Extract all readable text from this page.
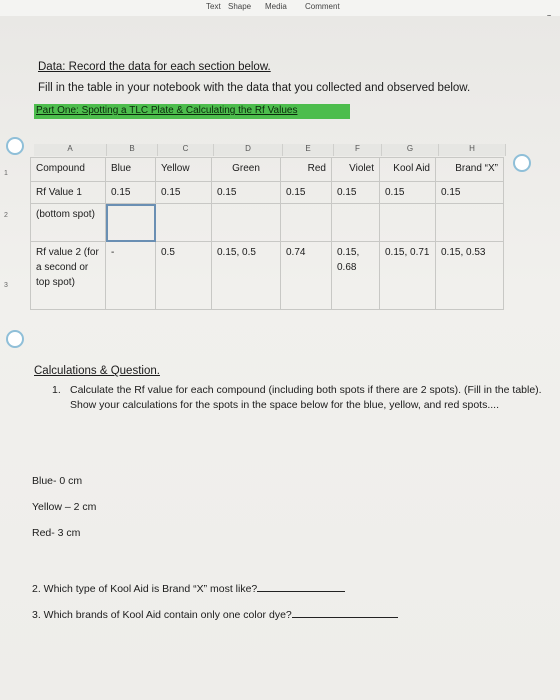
Text Shape Media Comment
Data: Record the data for each section below.
Fill in the table in your notebook with the data that you collected and observed below.
Part One: Spotting a TLC Plate & Calculating the Rf Values
A	B	C	D	E	F	G	H
1
2
3
Compound	Blue	Yellow	Green	Red	Violet	Kool Aid	Brand “X”
Rf Value 1	0.15	0.15	0.15	0.15	0.15	0.15	0.15
(bottom spot)							
Rf value 2 (for a second or top spot)	-	0.5	0.15, 0.5	0.74	0.15, 0.68	0.15, 0.71	0.15, 0.53
Calculations & Question.
1. Calculate the Rf value for each compound (including both spots if there are 2 spots). (Fill in the table). Show your calculations for the spots in the space below for the blue, yellow, and red spots....
Blue- 0 cm
Yellow – 2 cm
Red- 3 cm
2. Which type of Kool Aid is Brand “X” most like?
3. Which brands of Kool Aid contain only one color dye?
